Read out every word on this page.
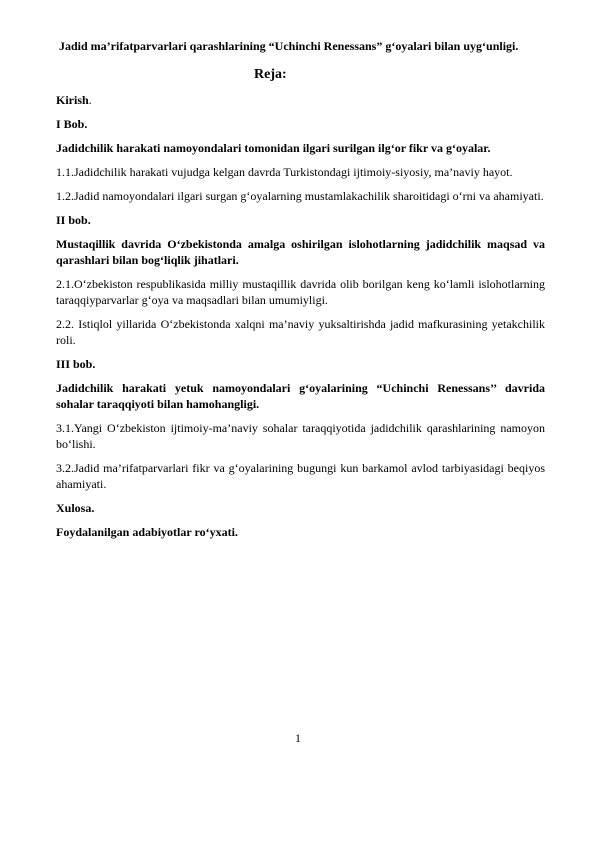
Jadid ma’rifatparvarlari qarashlarining “Uchinchi Renessans” g‘oyalari bilan uyg‘unligi.

Reja:

Kirish.

I Bob.

Jadidchilik harakati namoyondalari tomonidan ilgari surilgan ilg‘or fikr va g‘oyalar.

1.1.Jadidchilik harakati vujudga kelgan davrda Turkistondagi ijtimoiy-siyosiy, ma’naviy hayot.

1.2.Jadid namoyondalari ilgari surgan g‘oyalarning mustamlakachilik sharoitidagi o‘rni va ahamiyati.

II bob.

Mustaqillik davrida O‘zbekistonda amalga oshirilgan islohotlarning jadidchilik maqsad va qarashlari bilan bog‘liqlik jihatlari.

2.1.O‘zbekiston respublikasida milliy mustaqillik davrida olib borilgan keng ko‘lamli islohotlarning taraqqiyparvarlar g‘oya va maqsadlari bilan umumiyligi.

2.2. Istiqlol yillarida O‘zbekistonda xalqni ma’naviy yuksaltirishda jadid mafkurasining yetakchilik roli.

III bob.

Jadidchilik harakati yetuk namoyondalari g‘oyalarining “Uchinchi Renessans’’ davrida sohalar taraqqiyoti bilan hamohangligi.

3.1.Yangi O‘zbekiston ijtimoiy-ma’naviy sohalar taraqqiyotida jadidchilik qarashlarining namoyon bo‘lishi.

3.2.Jadid ma’rifatparvarlari fikr va g‘oyalarining bugungi kun barkamol avlod tarbiyasidagi beqiyos ahamiyati.

Xulosa.

Foydalanilgan adabiyotlar ro‘yxati.

1
